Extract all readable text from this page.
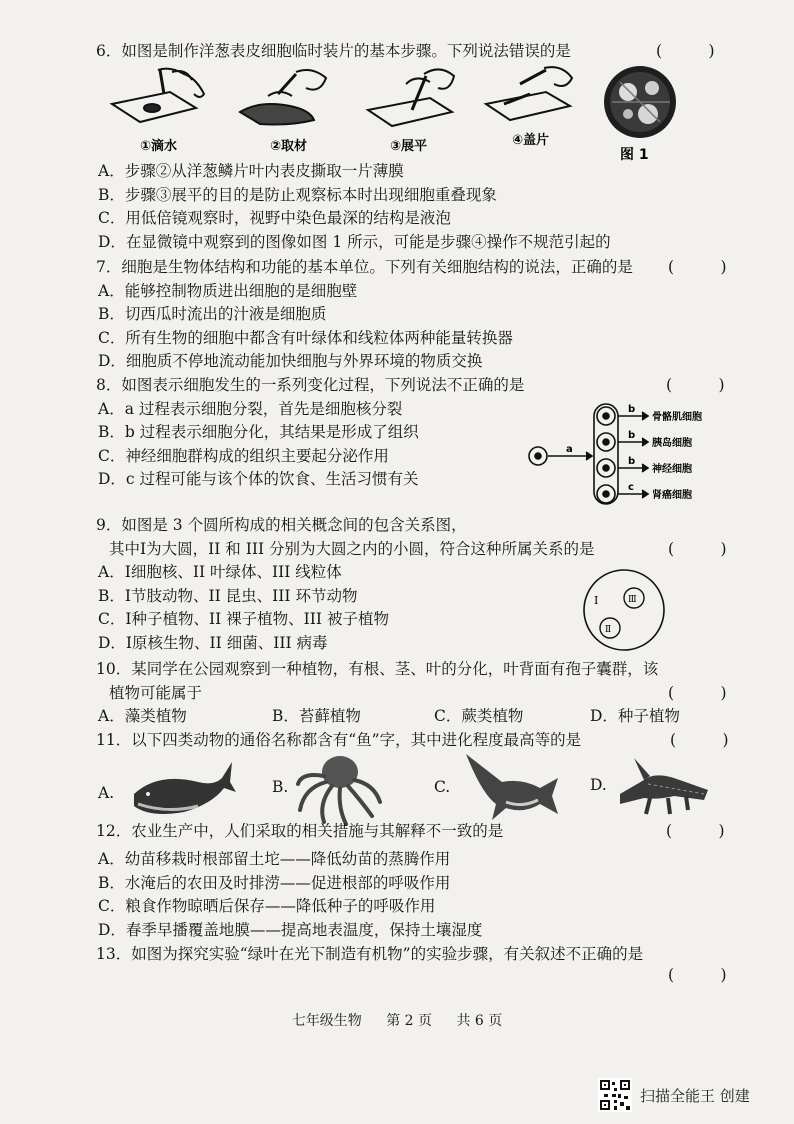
6．如图是制作洋葱表皮细胞临时装片的基本步骤。下列说法错误的是	(　　　)
①滴水	②取材	③展平	④盖片
图 1
A．步骤②从洋葱鳞片叶内表皮撕取一片薄膜
B．步骤③展平的目的是防止观察标本时出现细胞重叠现象
C．用低倍镜观察时，视野中染色最深的结构是液泡
D．在显微镜中观察到的图像如图 1 所示，可能是步骤④操作不规范引起的
7．细胞是生物体结构和功能的基本单位。下列有关细胞结构的说法，正确的是 (　　　)
A．能够控制物质进出细胞的是细胞壁
B．切西瓜时流出的汁液是细胞质
C．所有生物的细胞中都含有叶绿体和线粒体两种能量转换器
D．细胞质不停地流动能加快细胞与外界环境的物质交换
8．如图表示细胞发生的一系列变化过程，下列说法不正确的是	(　　　)
A．a 过程表示细胞分裂，首先是细胞核分裂
B．b 过程表示细胞分化，其结果是形成了组织
C．神经细胞群构成的组织主要起分泌作用
D．c 过程可能与该个体的饮食、生活习惯有关
a
b
骨骼肌细胞
b
胰岛细胞
b
神经细胞
c
肾癌细胞
9．如图是 3 个圆所构成的相关概念间的包含关系图，
其中Ⅰ为大圆，II 和 III 分别为大圆之内的小圆，符合这种所属关系的是	(　　　)
A．Ⅰ细胞核、II 叶绿体、III 线粒体
B．Ⅰ节肢动物、II 昆虫、III 环节动物
C．Ⅰ种子植物、II 裸子植物、III 被子植物
D．Ⅰ原核生物、II 细菌、III 病毒
I	Ⅲ
Ⅱ
10．某同学在公园观察到一种植物，有根、茎、叶的分化，叶背面有孢子囊群，该
植物可能属于	(　　　)
A．藻类植物	B．苔藓植物	C．蕨类植物	D．种子植物
11．以下四类动物的通俗名称都含有“鱼”字，其中进化程度最高等的是	(　　　)
A.	B.	C.	D.
12．农业生产中，人们采取的相关措施与其解释不一致的是	(　　　)
A．幼苗移栽时根部留土坨——降低幼苗的蒸腾作用
B．水淹后的农田及时排涝——促进根部的呼吸作用
C．粮食作物晾晒后保存——降低种子的呼吸作用
D．春季早播覆盖地膜——提高地表温度，保持土壤湿度
13．如图为探究实验“绿叶在光下制造有机物”的实验步骤，有关叙述不正确的是
(　　　)
七年级生物 第 2 页 共 6 页
扫描全能王 创建
